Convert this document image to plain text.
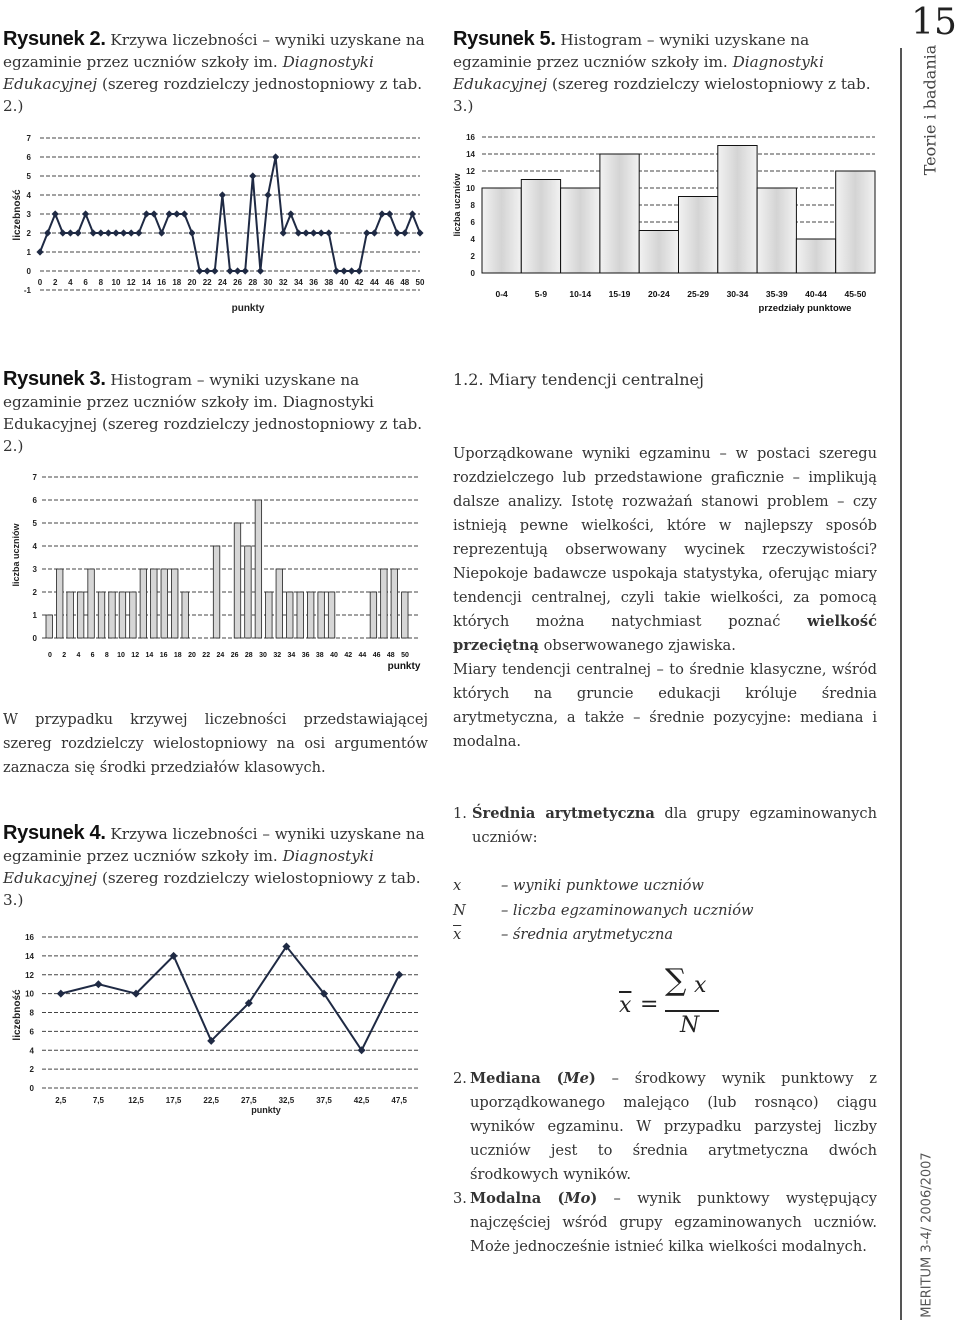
15
Teorie i badania
MERITUM 3-4/ 2006/2007
Rysunek 2. Krzywa liczebności – wyniki uzyskane na egzaminie przez uczniów szkoły im. Diagnostyki Edukacyjnej (szereg rozdzielczy jednostopniowy z tab. 2.)
-1
0
1
2
3
4
5
6
7
0 2 4 6 8 10 12 14 16 18 20 22 24 26 28 30 32 34 36 38 40 42 44 46 48 50
liczebność
punkty
Rysunek 5. Histogram – wyniki uzyskane na egzaminie przez uczniów szkoły im. Diagnostyki Edukacyjnej (szereg rozdzielczy wielostopniowy z tab. 3.)
0
2
4
6
8
10
12
14
16
0-4	5-9	10-14 15-19 20-24 25-29 30-34 35-39 40-44 45-50
liczba uczniów
przedziały punktowe
Rysunek 3. Histogram – wyniki uzyskane na egzaminie przez uczniów szkoły im. Diagnostyki Edukacyjnej (szereg rozdzielczy jednostopniowy z tab. 2.)
0
1
2
3
4
5
6
7
0 2 4 6 8 10 12 14 16 18 20 22 24 26 28 30 32 34 36 38 40 42 44 46 48 50
liczba uczniów
punkty
W przypadku krzywej liczebności przedstawiającej szereg rozdzielczy wielostopniowy na osi argumentów zaznacza się środki przedziałów klasowych.
Rysunek 4. Krzywa liczebności – wyniki uzyskane na egzaminie przez uczniów szkoły im. Diagnostyki Edukacyjnej (szereg rozdzielczy wielostopniowy z tab. 3.)
0
2
4
6
8
10
12
14
16
liczebność
2,5	7,5	12,5	17,5	22,5	27,5	32,5	37,5	42,5	47,5
punkty
1.2. Miary tendencji centralnej
Uporządkowane wyniki egzaminu – w postaci szeregu rozdzielczego lub przedstawione graficznie – implikują dalsze analizy. Istotę rozważań stanowi problem – czy istnieją pewne wielkości, które w najlepszy sposób reprezentują obserwowany wycinek rzeczywistości? Niepokoje badawcze uspokaja statystyka, oferując miary tendencji centralnej, czyli takie wielkości, za pomocą których można natychmiast poznać wielkość przeciętną obserwowanego zjawiska.
Miary tendencji centralnej – to średnie klasyczne, wśród których na gruncie edukacji króluje średnia arytmetyczna, a także – średnie pozycyjne: mediana i modalna.
1. Średnia arytmetyczna dla grupy egzaminowanych uczniów:
x	– wyniki punktowe uczniów
N – liczba egzaminowanych uczniów
$\overline{x}$	– średnia arytmetyczna
$\overline{x}$ =
∑ x
N
2. Mediana (Me) – środkowy wynik punktowy z uporządkowanego malejąco (lub rosnąco) ciągu wyników egzaminu. W przypadku parzystej liczby uczniów jest to średnia arytmetyczna dwóch środkowych wyników.
3. Modalna (Mo) – wynik punktowy występujący najczęściej wśród grupy egzaminowanych uczniów. Może jednocześnie istnieć kilka wielkości modalnych.
